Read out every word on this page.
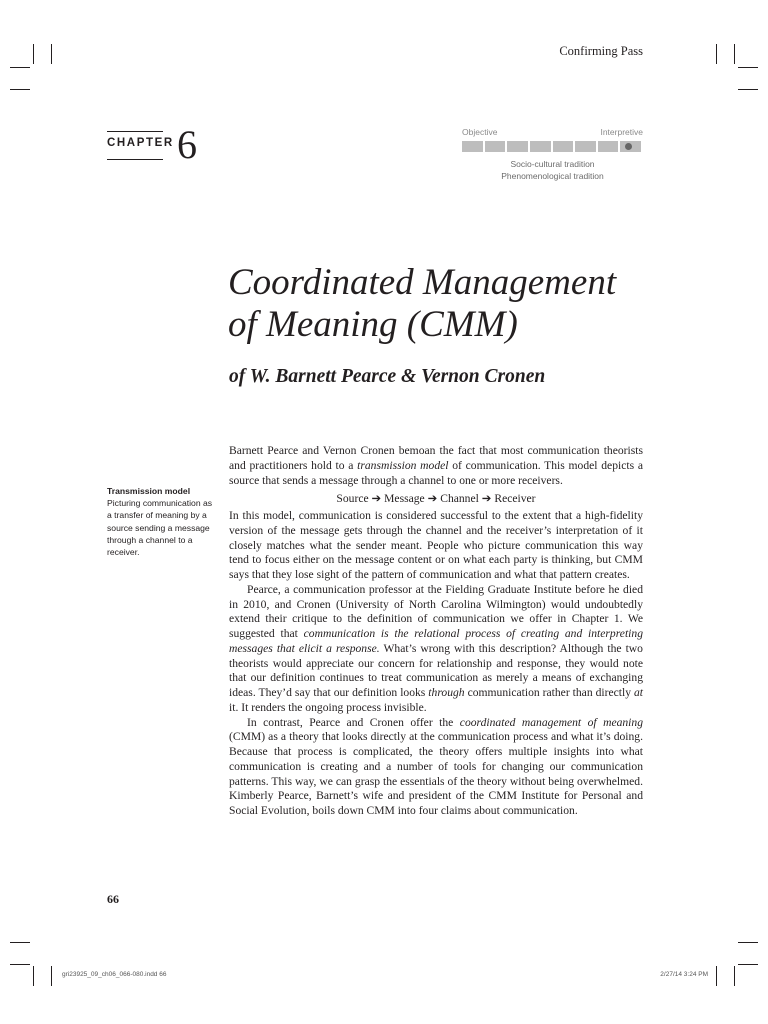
Confirming Pass
CHAPTER 6	Objective	Interpretive
Socio-cultural tradition
Phenomenological tradition
Coordinated Management
of Meaning (CMM)
of W. Barnett Pearce & Vernon Cronen
Transmission model
Picturing communication as a transfer of meaning by a source sending a message through a channel to a receiver.

Barnett Pearce and Vernon Cronen bemoan the fact that most communication theorists and practitioners hold to a transmission model of communication. This model depicts a source that sends a message through a channel to one or more receivers.

Source ➔ Message ➔ Channel ➔ Receiver

In this model, communication is considered successful to the extent that a high-fidelity version of the message gets through the channel and the receiver’s interpretation of it closely matches what the sender meant. People who picture communication this way tend to focus either on the message content or on what each party is thinking, but CMM says that they lose sight of the pattern of communication and what that pattern creates.

Pearce, a communication professor at the Fielding Graduate Institute before he died in 2010, and Cronen (University of North Carolina Wilmington) would undoubtedly extend their critique to the definition of communication we offer in Chapter 1. We suggested that communication is the relational process of creating and interpreting messages that elicit a response. What’s wrong with this description? Although the two theorists would appreciate our concern for relationship and response, they would note that our definition continues to treat communication as merely a means of exchanging ideas. They’d say that our definition looks through communication rather than directly at it. It renders the ongoing process invisible.

In contrast, Pearce and Cronen offer the coordinated management of meaning (CMM) as a theory that looks directly at the communication process and what it’s doing. Because that process is complicated, the theory offers multiple insights into what communication is creating and a number of tools for changing our communication patterns. This way, we can grasp the essentials of the theory without being overwhelmed. Kimberly Pearce, Barnett’s wife and president of the CMM Institute for Personal and Social Evolution, boils down CMM into four claims about communication.

66
gri23925_09_ch06_066-080.indd 66	2/27/14 3:24 PM
